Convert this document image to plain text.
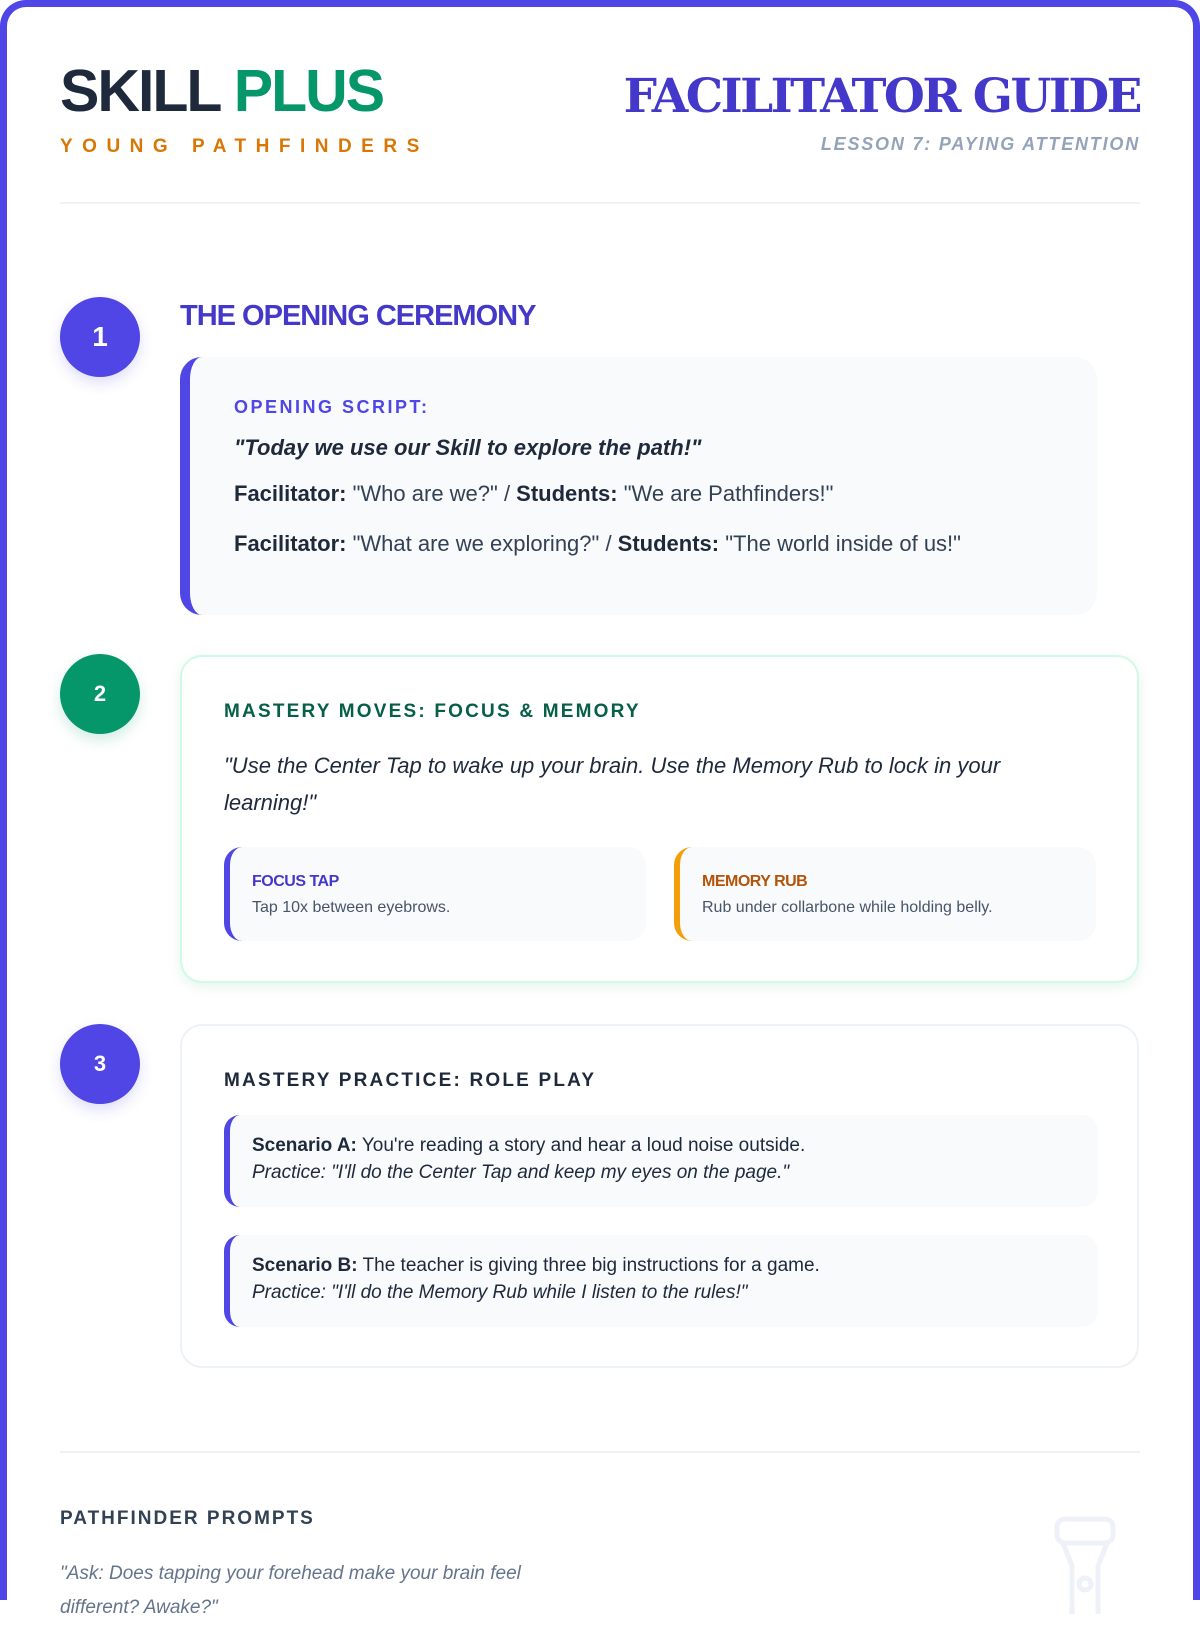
SKILL PLUS
YOUNG PATHFINDERS
FACILITATOR GUIDE
LESSON 7: PAYING ATTENTION
1
THE OPENING CEREMONY
OPENING SCRIPT:
"Today we use our Skill to explore the path!"
Facilitator: "Who are we?" / Students: "We are Pathfinders!"
Facilitator: "What are we exploring?" / Students: "The world inside of us!"
2
MASTERY MOVES: FOCUS & MEMORY
"Use the Center Tap to wake up your brain. Use the Memory Rub to lock in your learning!"
FOCUS TAP
Tap 10x between eyebrows.
MEMORY RUB
Rub under collarbone while holding belly.
3
MASTERY PRACTICE: ROLE PLAY
Scenario A: You're reading a story and hear a loud noise outside.
Practice: "I'll do the Center Tap and keep my eyes on the page."
Scenario B: The teacher is giving three big instructions for a game.
Practice: "I'll do the Memory Rub while I listen to the rules!"
PATHFINDER PROMPTS
"Ask: Does tapping your forehead make your brain feel different? Awake?"
